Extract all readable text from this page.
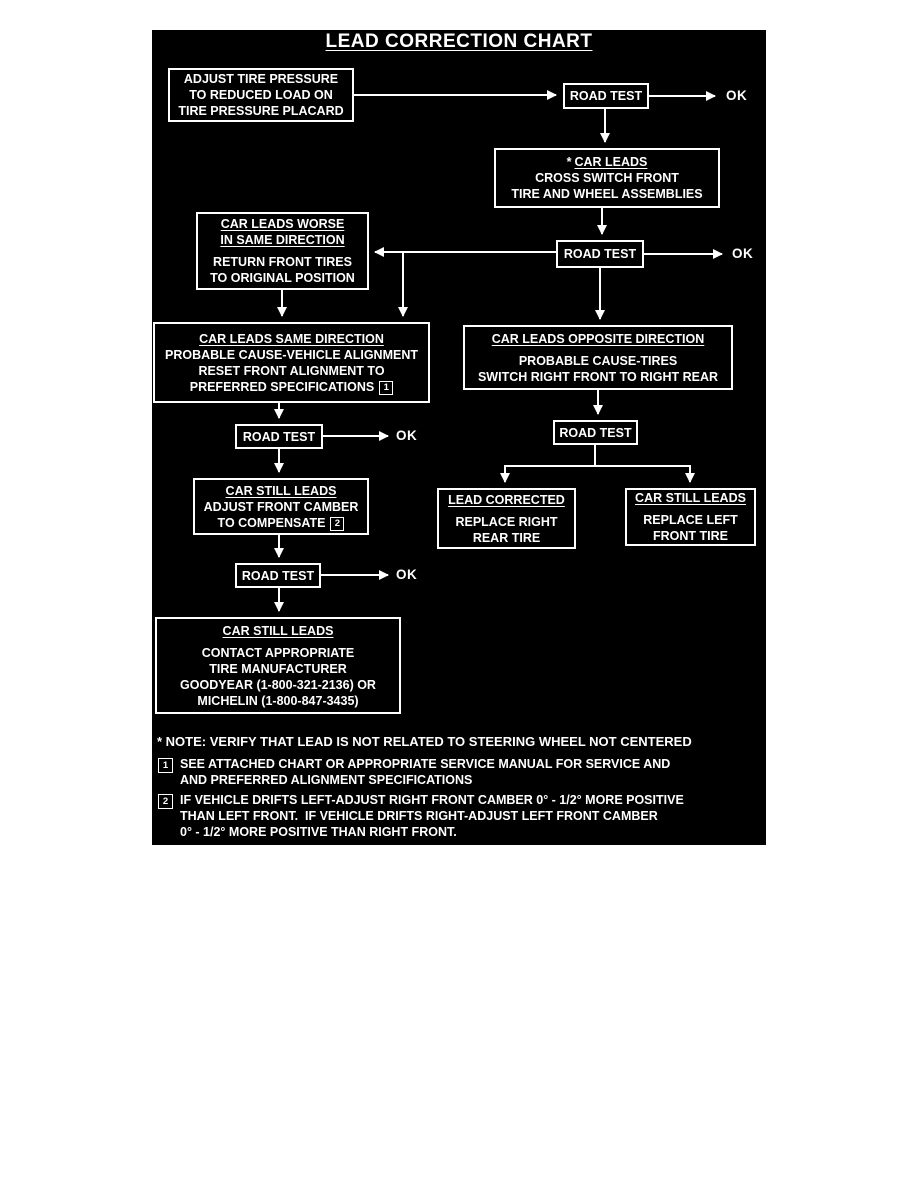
LEAD CORRECTION CHART
ADJUST TIRE PRESSURE
TO REDUCED LOAD ON
TIRE PRESSURE PLACARD
ROAD TEST	OK
* CAR LEADS
CROSS SWITCH FRONT
TIRE AND WHEEL ASSEMBLIES
ROAD TEST	OK
CAR LEADS WORSE
IN SAME DIRECTION
RETURN FRONT TIRES
TO ORIGINAL POSITION
CAR LEADS SAME DIRECTION
PROBABLE CAUSE-VEHICLE ALIGNMENT
RESET FRONT ALIGNMENT TO
PREFERRED SPECIFICATIONS 1
CAR LEADS OPPOSITE DIRECTION
PROBABLE CAUSE-TIRES
SWITCH RIGHT FRONT TO RIGHT REAR
ROAD TEST	OK
CAR STILL LEADS
ADJUST FRONT CAMBER
TO COMPENSATE 2
ROAD TEST	OK
CAR STILL LEADS
CONTACT APPROPRIATE
TIRE MANUFACTURER
GOODYEAR (1-800-321-2136) OR
MICHELIN (1-800-847-3435)
ROAD TEST
LEAD CORRECTED
REPLACE RIGHT
REAR TIRE
CAR STILL LEADS
REPLACE LEFT
FRONT TIRE
* NOTE: VERIFY THAT LEAD IS NOT RELATED TO STEERING WHEEL NOT CENTERED
1 SEE ATTACHED CHART OR APPROPRIATE SERVICE MANUAL FOR SERVICE AND
AND PREFERRED ALIGNMENT SPECIFICATIONS
2 IF VEHICLE DRIFTS LEFT-ADJUST RIGHT FRONT CAMBER 0° - 1/2° MORE POSITIVE
THAN LEFT FRONT.  IF VEHICLE DRIFTS RIGHT-ADJUST LEFT FRONT CAMBER
0° - 1/2° MORE POSITIVE THAN RIGHT FRONT.
